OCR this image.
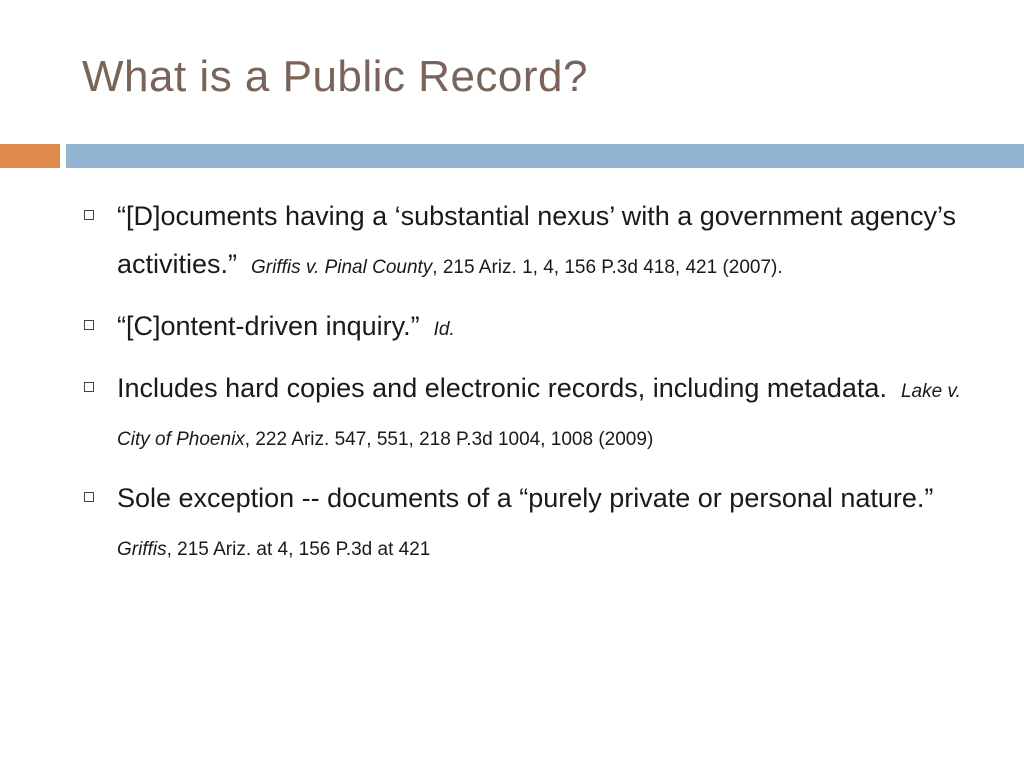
What is a Public Record?
“[D]ocuments having a ‘substantial nexus’ with a government agency’s activities.” Griffis v. Pinal County, 215 Ariz. 1, 4, 156 P.3d 418, 421 (2007).
“[C]ontent-driven inquiry.” Id.
Includes hard copies and electronic records, including metadata. Lake v. City of Phoenix, 222 Ariz. 547, 551, 218 P.3d 1004, 1008 (2009)
Sole exception -- documents of a “purely private or personal nature.”Griffis, 215 Ariz. at 4, 156 P.3d at 421
